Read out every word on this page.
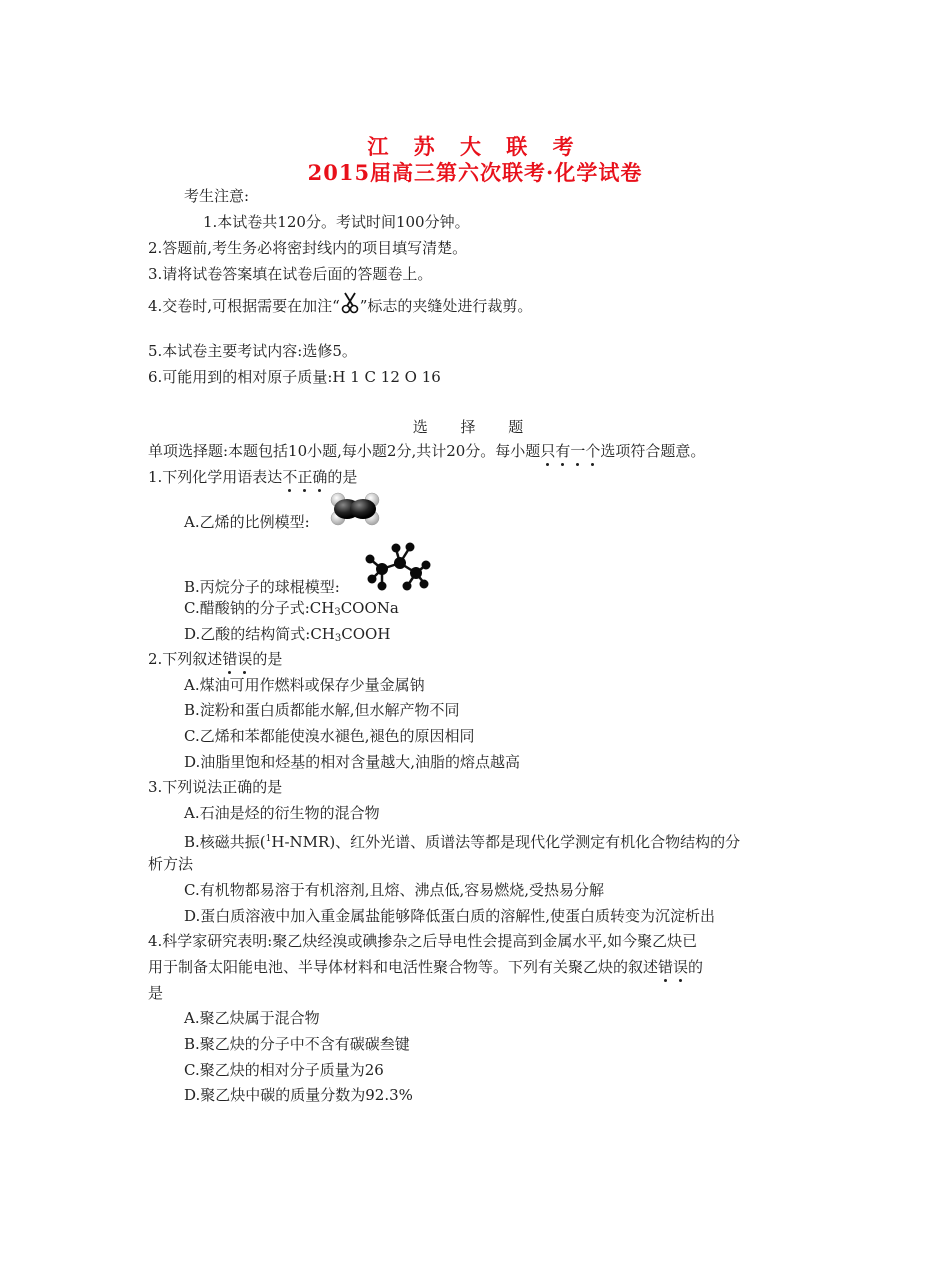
江 苏 大 联 考
2015届高三第六次联考·化学试卷
考生注意:
1.本试卷共120分。考试时间100分钟。
2.答题前,考生务必将密封线内的项目填写清楚。
3.请将试卷答案填在试卷后面的答题卷上。
4.交卷时,可根据需要在加注“ ”标志的夹缝处进行裁剪。
5.本试卷主要考试内容:选修5。
6.可能用到的相对原子质量:H 1 C 12 O 16
选 择 题
单项选择题:本题包括10小题,每小题2分,共计20分。每小题只有一个选项符合题意。
1.下列化学用语表达不正确的是
A.乙烯的比例模型:
B.丙烷分子的球棍模型:
C.醋酸钠的分子式$:CH_3COONa$
D.乙酸的结构简式$:CH_3COOH$
2.下列叙述错误的是
A.煤油可用作燃料或保存少量金属钠
B.淀粉和蛋白质都能水解,但水解产物不同
C.乙烯和苯都能使溴水褪色,褪色的原因相同
D.油脂里饱和烃基的相对含量越大,油脂的熔点越高
3.下列说法正确的是
A.石油是烃的衍生物的混合物
B.核磁共振($^1$H-NMR)、红外光谱、质谱法等都是现代化学测定有机化合物结构的分
析方法
C.有机物都易溶于有机溶剂,且熔、沸点低,容易燃烧,受热易分解
D.蛋白质溶液中加入重金属盐能够降低蛋白质的溶解性,使蛋白质转变为沉淀析出
4.科学家研究表明:聚乙炔经溴或碘掺杂之后导电性会提高到金属水平,如今聚乙炔已
用于制备太阳能电池、半导体材料和电活性聚合物等。下列有关聚乙炔的叙述错误的
是
A.聚乙炔属于混合物
B.聚乙炔的分子中不含有碳碳叁键
C.聚乙炔的相对分子质量为26
D.聚乙炔中碳的质量分数为92.3%
